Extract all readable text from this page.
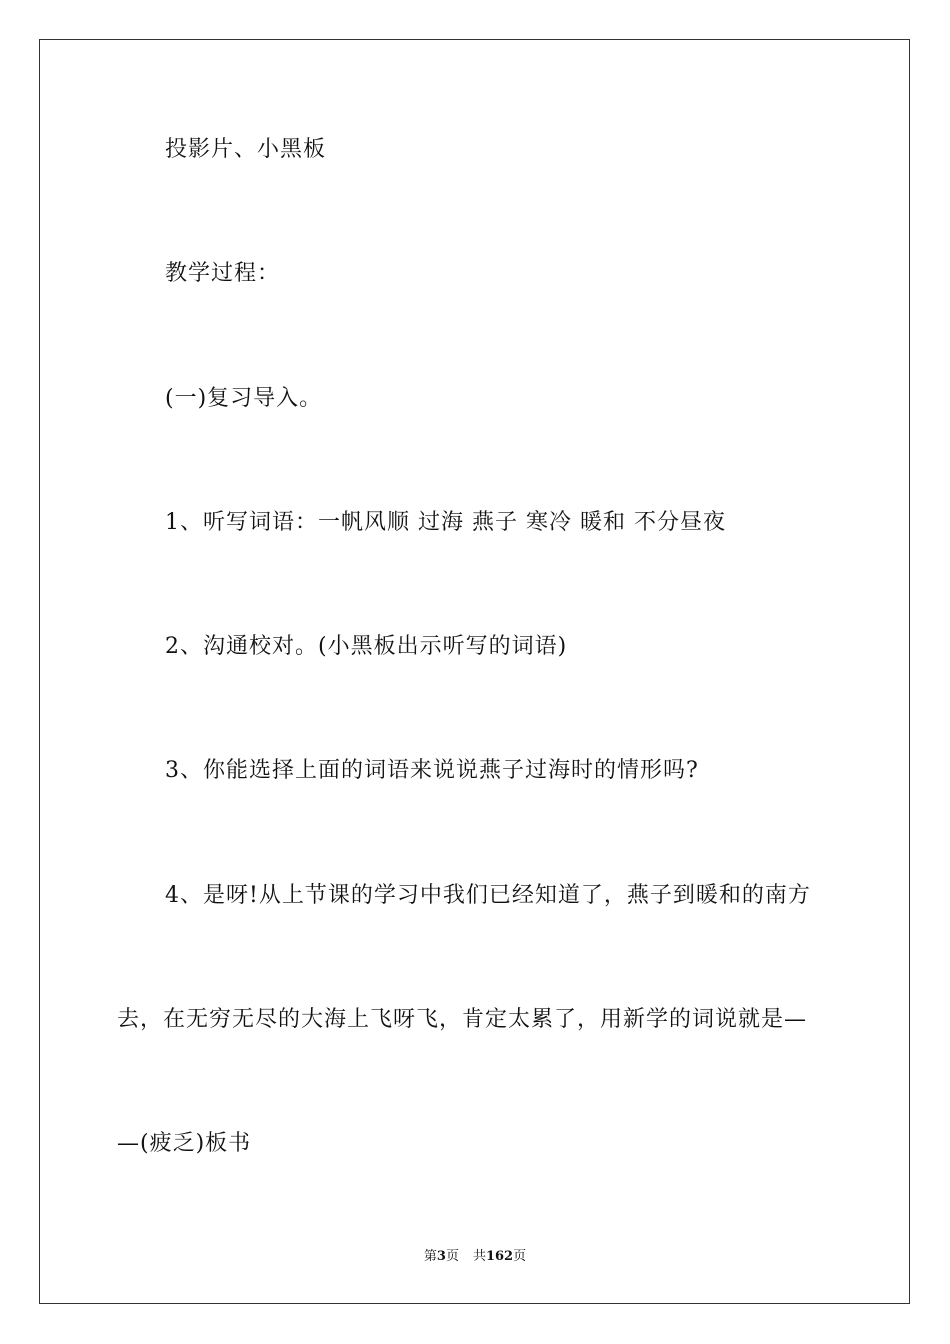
投影片、小黑板
教学过程：
(一)复习导入。
1、听写词语：一帆风顺 过海 燕子 寒冷 暖和 不分昼夜
2、沟通校对。(小黑板出示听写的词语)
3、你能选择上面的词语来说说燕子过海时的情形吗?
4、是呀!从上节课的学习中我们已经知道了，燕子到暖和的南方
去，在无穷无尽的大海上飞呀飞，肯定太累了，用新学的词说就是—
—(疲乏)板书
第3页 共162页
